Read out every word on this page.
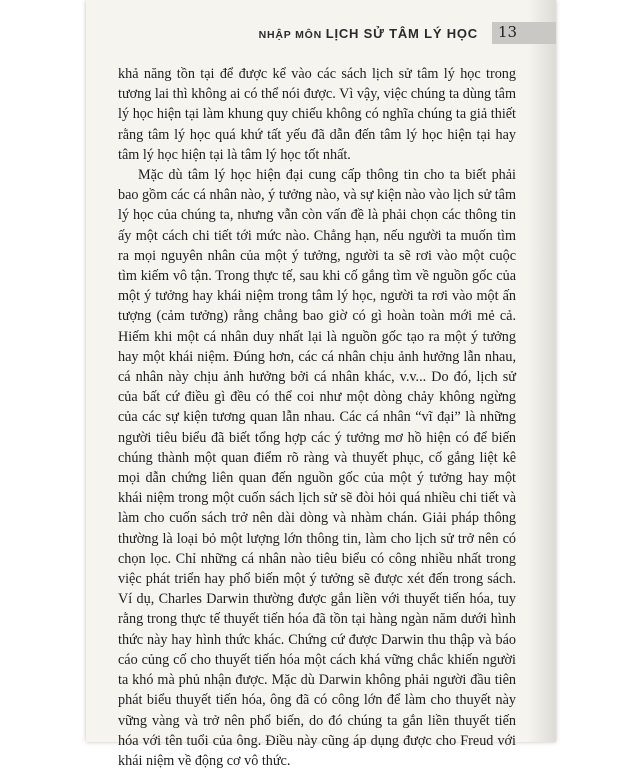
NHẬP MÔN LỊCH SỬ TÂM LÝ HỌC 13

khả năng tồn tại để được kể vào các sách lịch sử tâm lý học trong tương lai thì không ai có thể nói được. Vì vậy, việc chúng ta dùng tâm lý học hiện tại làm khung quy chiếu không có nghĩa chúng ta giả thiết rằng tâm lý học quá khứ tất yếu đã dẫn đến tâm lý học hiện tại hay tâm lý học hiện tại là tâm lý học tốt nhất.

Mặc dù tâm lý học hiện đại cung cấp thông tin cho ta biết phải bao gồm các cá nhân nào, ý tưởng nào, và sự kiện nào vào lịch sử tâm lý học của chúng ta, nhưng vẫn còn vấn đề là phải chọn các thông tin ấy một cách chi tiết tới mức nào. Chẳng hạn, nếu người ta muốn tìm ra mọi nguyên nhân của một ý tưởng, người ta sẽ rơi vào một cuộc tìm kiếm vô tận. Trong thực tế, sau khi cố gắng tìm về nguồn gốc của một ý tưởng hay khái niệm trong tâm lý học, người ta rơi vào một ấn tượng (cảm tưởng) rằng chẳng bao giờ có gì hoàn toàn mới mẻ cả. Hiếm khi một cá nhân duy nhất lại là nguồn gốc tạo ra một ý tưởng hay một khái niệm. Đúng hơn, các cá nhân chịu ảnh hưởng lẫn nhau, cá nhân này chịu ảnh hưởng bởi cá nhân khác, v.v... Do đó, lịch sử của bất cứ điều gì đều có thể coi như một dòng chảy không ngừng của các sự kiện tương quan lẫn nhau. Các cá nhân “vĩ đại” là những người tiêu biểu đã biết tổng hợp các ý tưởng mơ hồ hiện có để biến chúng thành một quan điểm rõ ràng và thuyết phục, cố gắng liệt kê mọi dẫn chứng liên quan đến nguồn gốc của một ý tưởng hay một khái niệm trong một cuốn sách lịch sử sẽ đòi hỏi quá nhiều chi tiết và làm cho cuốn sách trở nên dài dòng và nhàm chán. Giải pháp thông thường là loại bỏ một lượng lớn thông tin, làm cho lịch sử trở nên có chọn lọc. Chỉ những cá nhân nào tiêu biểu có công nhiều nhất trong việc phát triển hay phổ biến một ý tưởng sẽ được xét đến trong sách. Ví dụ, Charles Darwin thường được gắn liền với thuyết tiến hóa, tuy rằng trong thực tế thuyết tiến hóa đã tồn tại hàng ngàn năm dưới hình thức này hay hình thức khác. Chứng cứ được Darwin thu thập và báo cáo củng cố cho thuyết tiến hóa một cách khá vững chắc khiến người ta khó mà phủ nhận được. Mặc dù Darwin không phải người đầu tiên phát biểu thuyết tiến hóa, ông đã có công lớn để làm cho thuyết này vững vàng và trở nên phổ biến, do đó chúng ta gắn liền thuyết tiến hóa với tên tuổi của ông. Điều này cũng áp dụng được cho Freud với khái niệm về động cơ vô thức.
